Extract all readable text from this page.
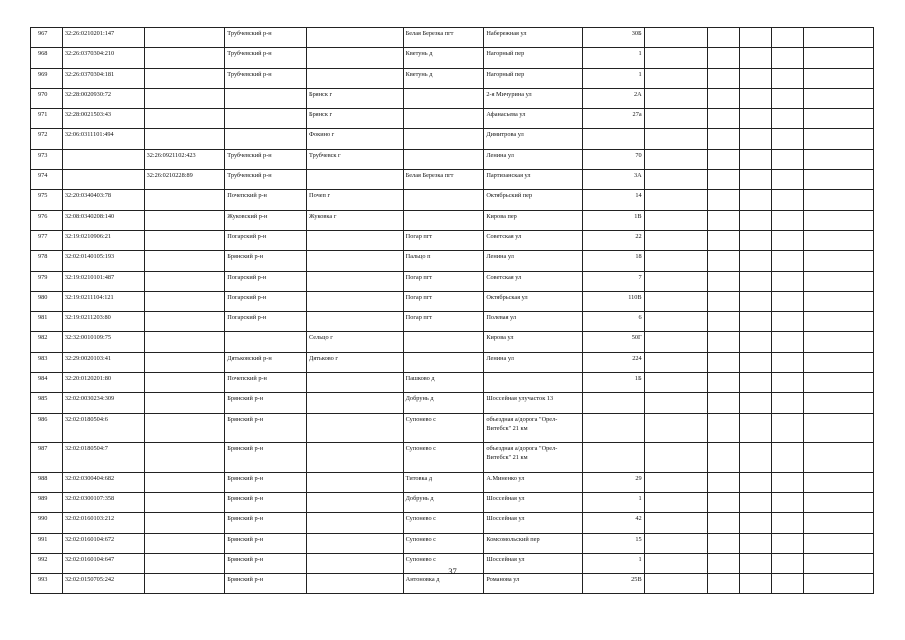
967	32:26:0210201:147		Трубчевский р-н		Белая Березка пгт	Набережная ул	30Б					
968	32:26:0370304:210		Трубчевский р-н		Кветунь д	Нагорный пер	1					
969	32:26:0370304:181		Трубчевский р-н		Кветунь д	Нагорный пер	1					
970	32:28:0020930:72			Брянск г		2-я Мичурина ул	2А					
971	32:28:0021503:43			Брянск г		Афанасьева ул	27а					
972	32:06:0311101:494			Фокино г		Димитрова ул						
973		32:26:0921102:423	Трубчевский р-н	Трубчевск г		Ленина ул	70					
974		32:26:0210228:89	Трубчевский р-н		Белая Березка пгт	Партизанская ул	3А					
975	32:20:0340403:78		Почепский р-н	Почеп г		Октябрьский пер	14					
976	32:08:0340208:140		Жуковский р-н	Жуковка г		Кирова пер	1В					
977	32:19:0210906:21		Погарский р-н		Погар пгт	Советская ул	22					
978	32:02:0140105:193		Брянский р-н		Пальцо п	Ленина ул	18					
979	32:19:0210101:487		Погарский р-н		Погар пгт	Советская ул	7					
980	32:19:0211104:121		Погарский р-н		Погар пгт	Октябрьская ул	110В					
981	32:19:0211203:80		Погарский р-н		Погар пгт	Полевая ул	6					
982	32:32:0010109:75			Сельцо г		Кирова ул	50Г					
983	32:29:0020103:41		Дятьковский р-н	Дятьково г		Ленина ул	224					
984	32:20:0120201:80		Почепский р-н		Пашково д		1Б					
985	32:02:0030234:309		Брянский р-н		Добрунь д	Шоссейная улучасток 13						
986	32:02:0180504:6		Брянский р-н		Супонево с	объездная а/дорога "Орел-Витебск" 21 км						
987	32:02:0180504:7		Брянский р-н		Супонево с	объездная а/дорога "Орел-Витебск" 21 км						
988	32:02:0300404:682		Брянский р-н		Титовка д	А.Миненко ул	29					
989	32:02:0300107:358		Брянский р-н		Добрунь д	Шоссейная ул	1					
990	32:02:0160103:212		Брянский р-н		Супонево с	Шоссейная ул	42					
991	32:02:0160104:672		Брянский р-н		Супонево с	Комсомольский пер	15					
992	32:02:0160104:647		Брянский р-н		Супонево с	Шоссейная ул	1					
993	32:02:0150705:242		Брянский р-н		Антоновка д	Романова ул	25В					
37
